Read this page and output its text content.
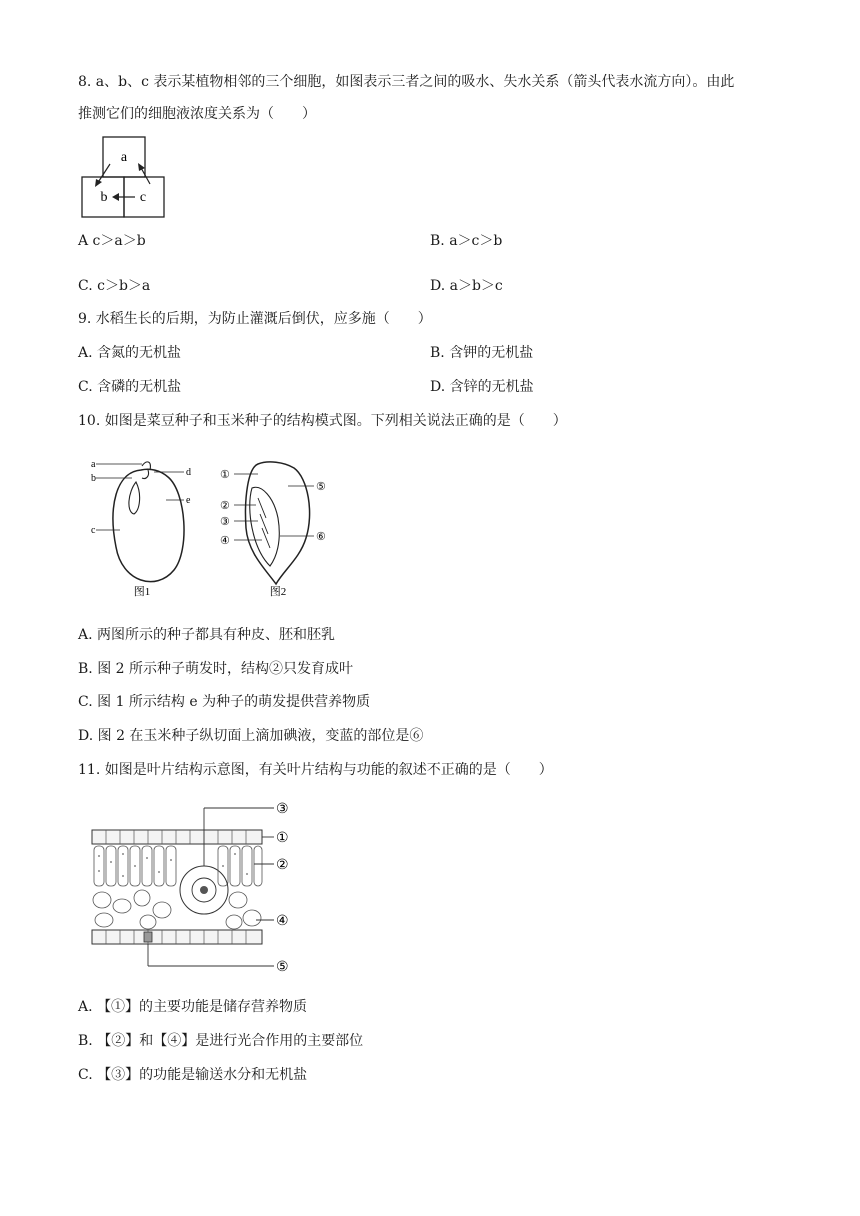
8. a、b、c 表示某植物相邻的三个细胞，如图表示三者之间的吸水、失水关系（箭头代表水流方向）。由此
推测它们的细胞液浓度关系为（　　）
a
b c
A c＞a＞b	B. a＞c＞b
C. c＞b＞a	D. a＞b＞c
9. 水稻生长的后期，为防止灌溉后倒伏，应多施（　　）
A. 含氮的无机盐	B. 含钾的无机盐
C. 含磷的无机盐	D. 含锌的无机盐
10. 如图是菜豆种子和玉米种子的结构模式图。下列相关说法正确的是（　　）
a
b
c
d
e
图1
①
②
③
④
⑤
⑥
图2
A. 两图所示的种子都具有种皮、胚和胚乳
B. 图 2 所示种子萌发时，结构②只发育成叶
C. 图 1 所示结构 e 为种子的萌发提供营养物质
D. 图 2 在玉米种子纵切面上滴加碘液，变蓝的部位是⑥
11. 如图是叶片结构示意图，有关叶片结构与功能的叙述不正确的是（　　）
③
①
②
④
⑤
A. 【①】的主要功能是储存营养物质
B. 【②】和【④】是进行光合作用的主要部位
C. 【③】的功能是输送水分和无机盐
